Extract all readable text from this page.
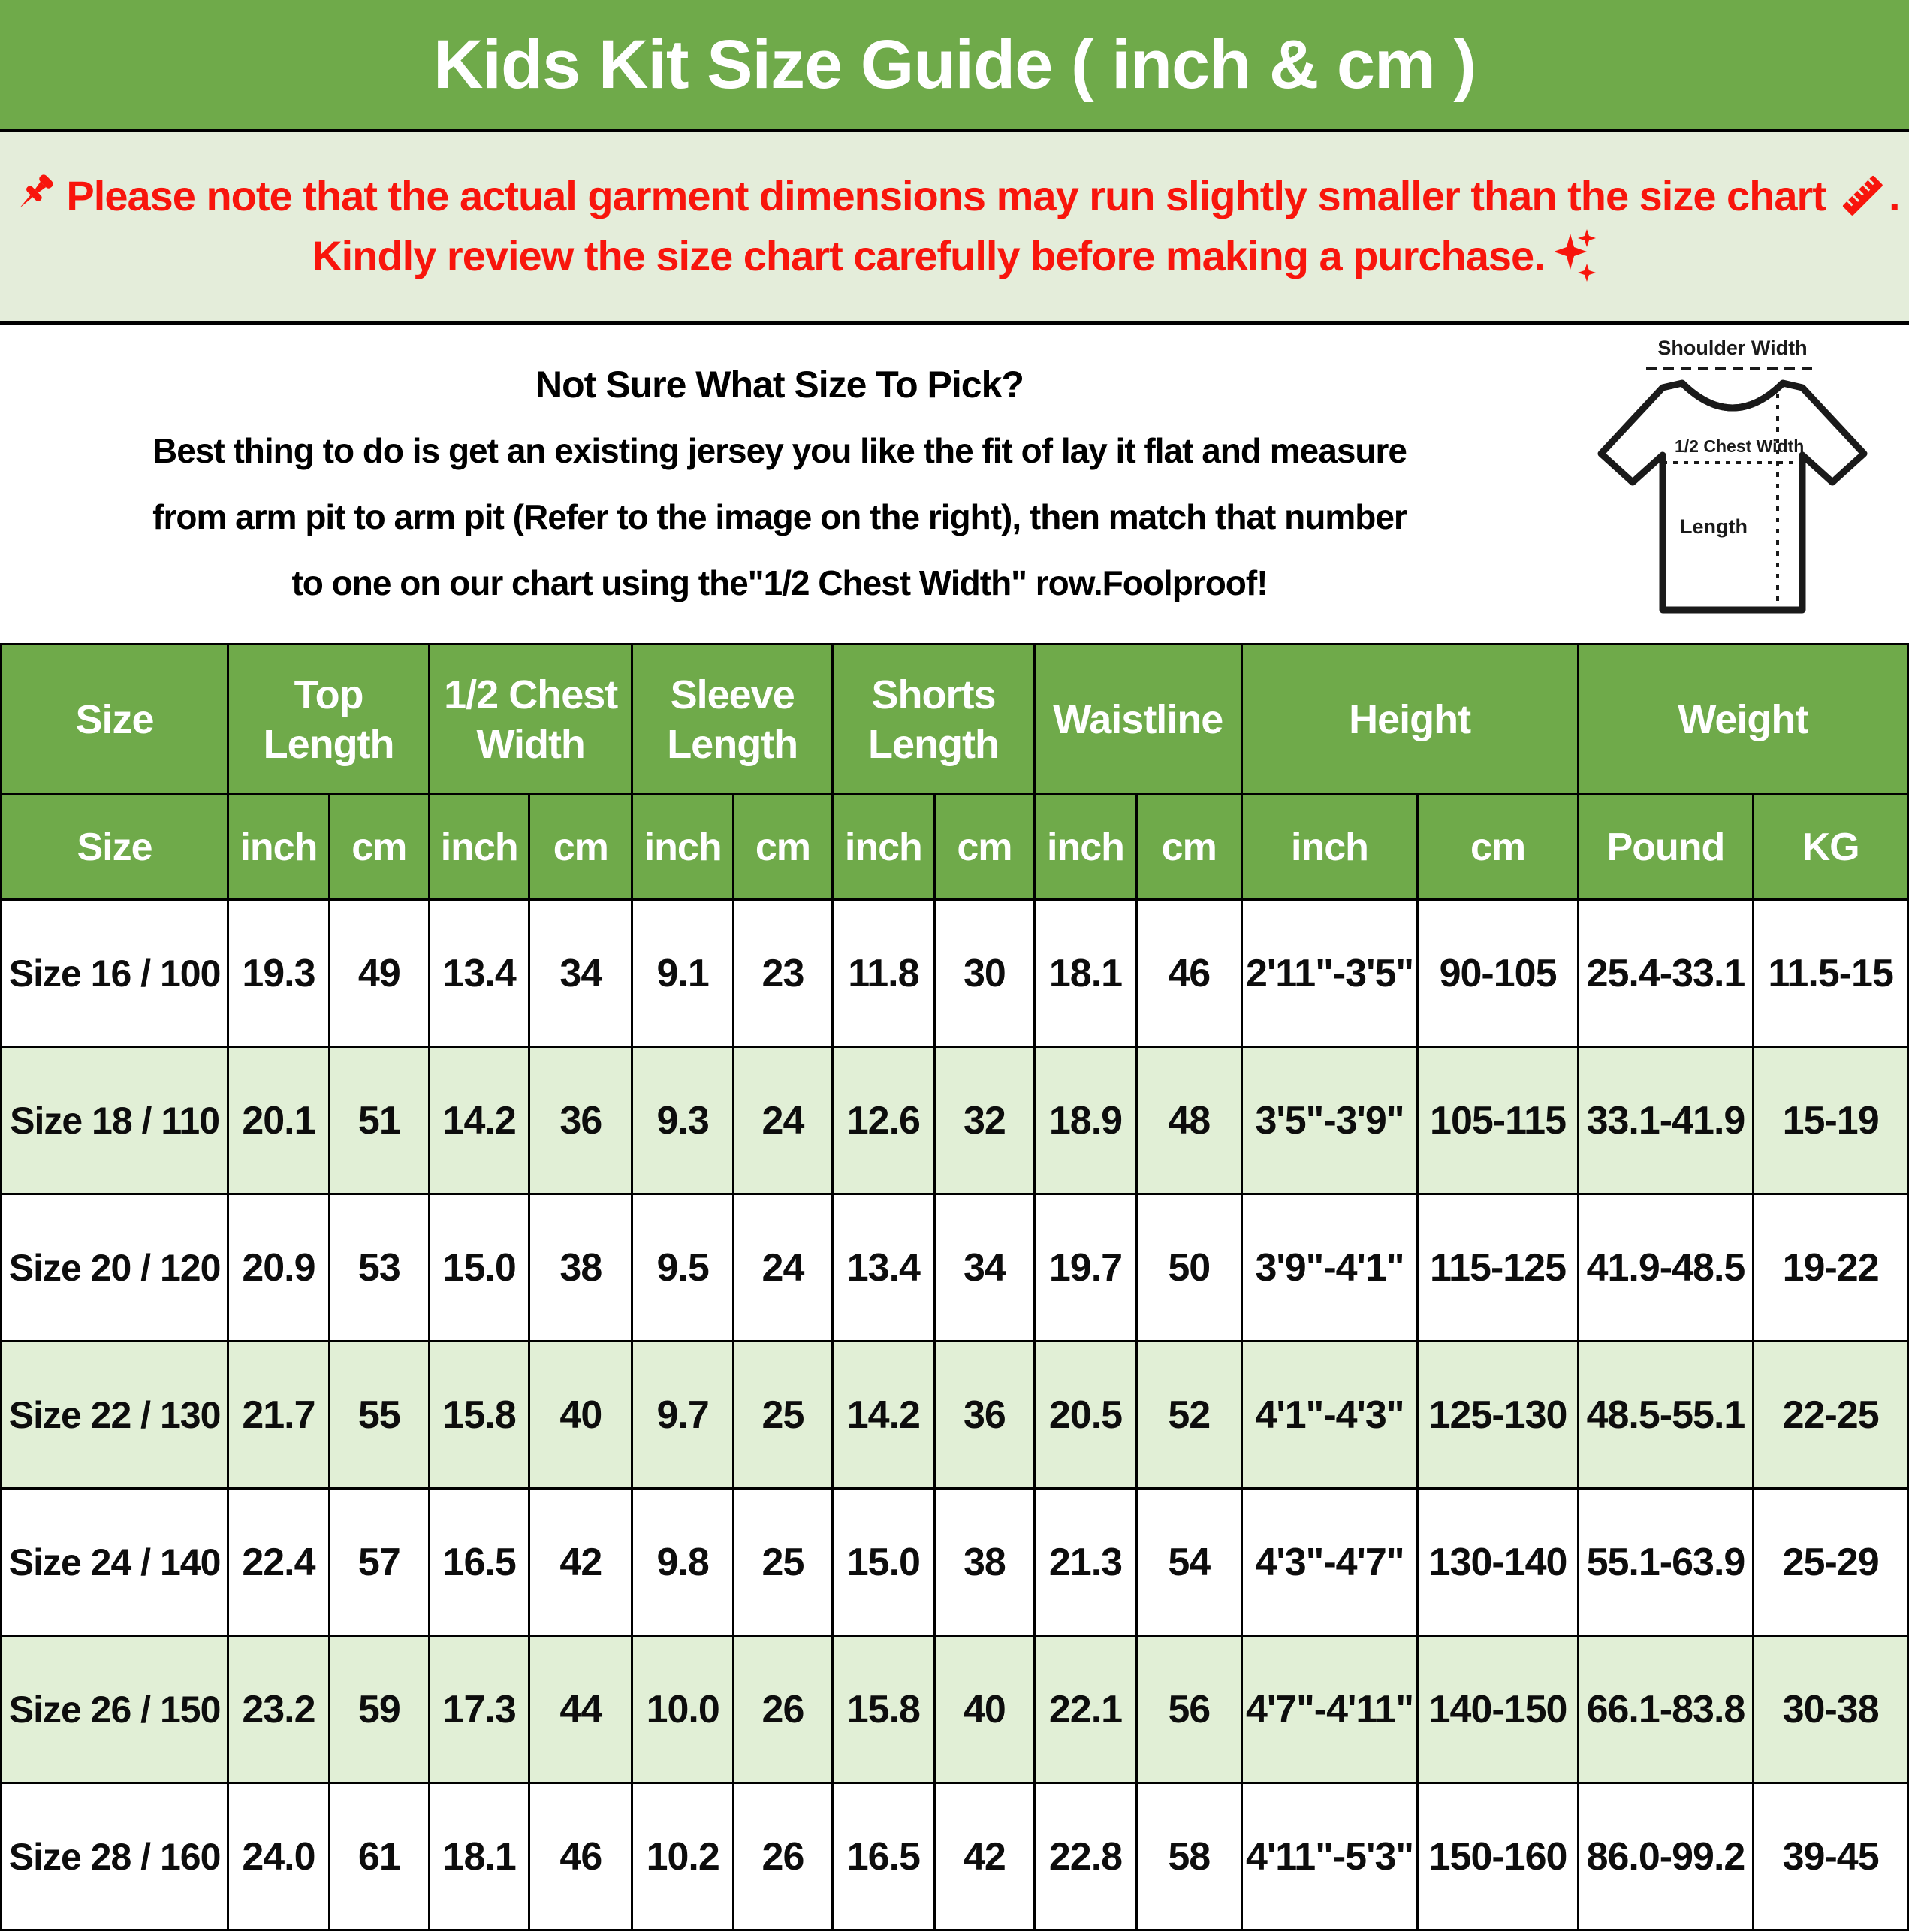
Kids Kit Size Guide ( inch & cm )
Please note that the actual garment dimensions may run slightly smaller than the size chart .
Kindly review the size chart carefully before making a purchase.
Not Sure What Size To Pick?
Best thing to do is get an existing jersey you like the fit of lay it flat and measure
from arm pit to arm pit (Refer to the image on the right), then match that number
to one on our chart using the"1/2 Chest Width" row.Foolproof!
Shoulder Width
1/2 Chest Width
Length
Size	Top Length		1/2 Chest Width		Sleeve Length		Shorts Length		Waistline		Height		Weight	
Size	inch	cm	inch	cm	inch	cm	inch	cm	inch	cm	inch	cm	Pound	KG
Size 16 / 100	19.3	49	13.4	34	9.1	23	11.8	30	18.1	46	2'11"-3'5"	90-105	25.4-33.1	11.5-15
Size 18 / 110	20.1	51	14.2	36	9.3	24	12.6	32	18.9	48	3'5"-3'9"	105-115	33.1-41.9	15-19
Size 20 / 120	20.9	53	15.0	38	9.5	24	13.4	34	19.7	50	3'9"-4'1"	115-125	41.9-48.5	19-22
Size 22 / 130	21.7	55	15.8	40	9.7	25	14.2	36	20.5	52	4'1"-4'3"	125-130	48.5-55.1	22-25
Size 24 / 140	22.4	57	16.5	42	9.8	25	15.0	38	21.3	54	4'3"-4'7"	130-140	55.1-63.9	25-29
Size 26 / 150	23.2	59	17.3	44	10.0	26	15.8	40	22.1	56	4'7"-4'11"	140-150	66.1-83.8	30-38
Size 28 / 160	24.0	61	18.1	46	10.2	26	16.5	42	22.8	58	4'11"-5'3"	150-160	86.0-99.2	39-45
